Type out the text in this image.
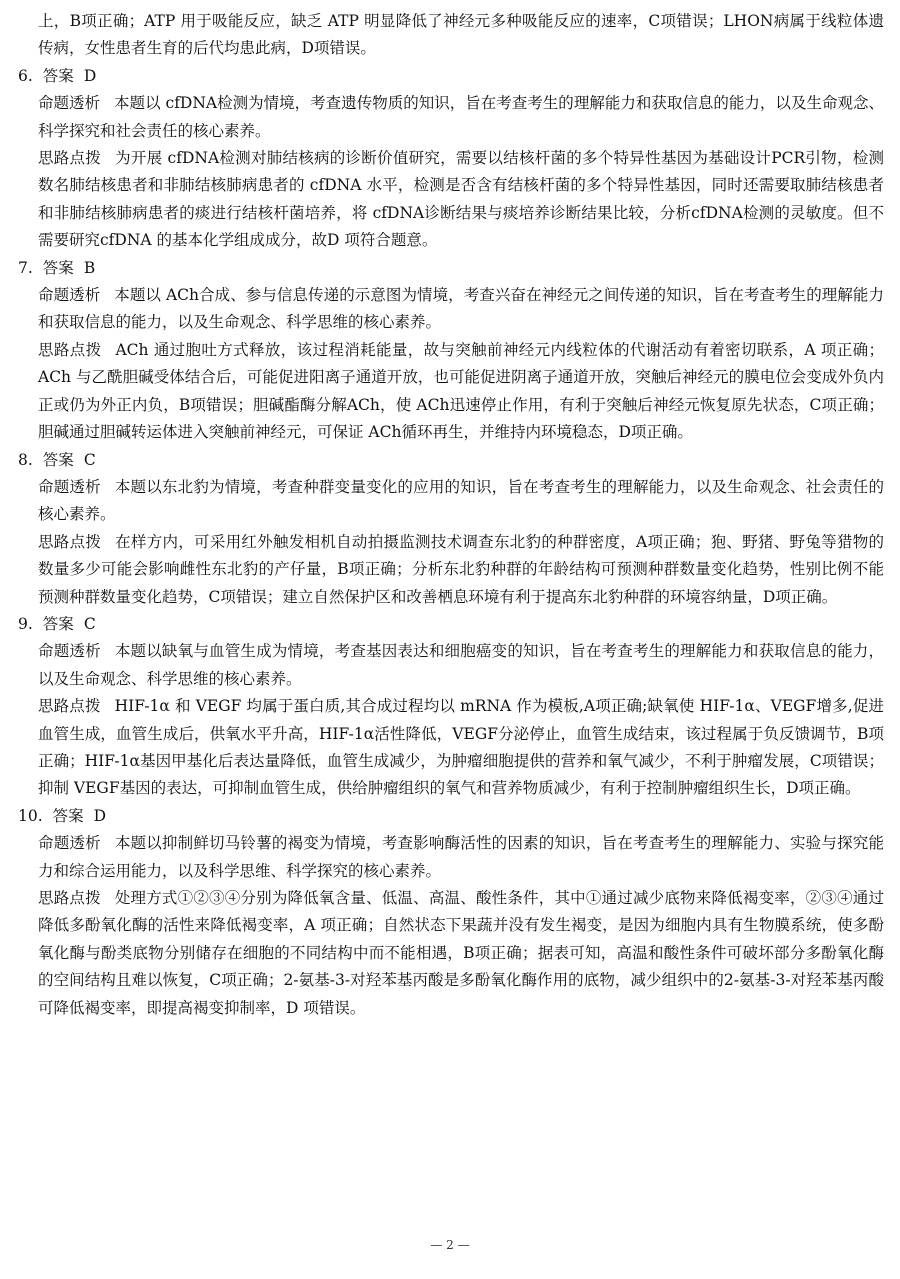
上，B项正确；ATP 用于吸能反应，缺乏 ATP 明显降低了神经元多种吸能反应的速率，C项错误；LHON病属于线粒体遗传病，女性患者生育的后代均患此病，D项错误。

6. 答案 D

命题透析 本题以 cfDNA检测为情境，考查遗传物质的知识，旨在考查考生的理解能力和获取信息的能力，以及生命观念、科学探究和社会责任的核心素养。

思路点拨 为开展 cfDNA检测对肺结核病的诊断价值研究，需要以结核杆菌的多个特异性基因为基础设计PCR引物，检测数名肺结核患者和非肺结核肺病患者的 cfDNA 水平，检测是否含有结核杆菌的多个特异性基因，同时还需要取肺结核患者和非肺结核肺病患者的痰进行结核杆菌培养，将 cfDNA诊断结果与痰培养诊断结果比较，分析cfDNA检测的灵敏度。但不需要研究cfDNA 的基本化学组成成分，故D 项符合题意。

7. 答案 B

命题透析 本题以 ACh合成、参与信息传递的示意图为情境，考查兴奋在神经元之间传递的知识，旨在考查考生的理解能力和获取信息的能力，以及生命观念、科学思维的核心素养。

思路点拨 ACh 通过胞吐方式释放，该过程消耗能量，故与突触前神经元内线粒体的代谢活动有着密切联系，A 项正确；ACh 与乙酰胆碱受体结合后，可能促进阳离子通道开放，也可能促进阴离子通道开放，突触后神经元的膜电位会变成外负内正或仍为外正内负，B项错误；胆碱酯酶分解ACh，使 ACh迅速停止作用，有利于突触后神经元恢复原先状态，C项正确；胆碱通过胆碱转运体进入突触前神经元，可保证 ACh循环再生，并维持内环境稳态，D项正确。

8. 答案 C

命题透析 本题以东北豹为情境，考查种群变量变化的应用的知识，旨在考查考生的理解能力，以及生命观念、社会责任的核心素养。

思路点拨 在样方内，可采用红外触发相机自动拍摄监测技术调查东北豹的种群密度，A项正确；狍、野猪、野兔等猎物的数量多少可能会影响雌性东北豹的产仔量，B项正确；分析东北豹种群的年龄结构可预测种群数量变化趋势，性别比例不能预测种群数量变化趋势，C项错误；建立自然保护区和改善栖息环境有利于提高东北豹种群的环境容纳量，D项正确。

9. 答案 C

命题透析 本题以缺氧与血管生成为情境，考查基因表达和细胞癌变的知识，旨在考查考生的理解能力和获取信息的能力，以及生命观念、科学思维的核心素养。

思路点拨 HIF-1α 和 VEGF 均属于蛋白质,其合成过程均以 mRNA 作为模板,A项正确;缺氧使 HIF-1α、VEGF增多,促进血管生成，血管生成后，供氧水平升高，HIF-1α活性降低，VEGF分泌停止，血管生成结束，该过程属于负反馈调节，B项正确；HIF-1α基因甲基化后表达量降低，血管生成减少，为肿瘤细胞提供的营养和氧气减少，不利于肿瘤发展，C项错误；抑制 VEGF基因的表达，可抑制血管生成，供给肿瘤组织的氧气和营养物质减少，有利于控制肿瘤组织生长，D项正确。

10. 答案 D

命题透析 本题以抑制鲜切马铃薯的褐变为情境，考查影响酶活性的因素的知识，旨在考查考生的理解能力、实验与探究能力和综合运用能力，以及科学思维、科学探究的核心素养。

思路点拨 处理方式①②③④分别为降低氧含量、低温、高温、酸性条件，其中①通过减少底物来降低褐变率，②③④通过降低多酚氧化酶的活性来降低褐变率，A 项正确；自然状态下果蔬并没有发生褐变，是因为细胞内具有生物膜系统，使多酚氧化酶与酚类底物分别储存在细胞的不同结构中而不能相遇，B项正确；据表可知，高温和酸性条件可破坏部分多酚氧化酶的空间结构且难以恢复，C项正确；2-氨基-3-对羟苯基丙酸是多酚氧化酶作用的底物，减少组织中的2-氨基-3-对羟苯基丙酸可降低褐变率，即提高褐变抑制率，D 项错误。

— 2 —
